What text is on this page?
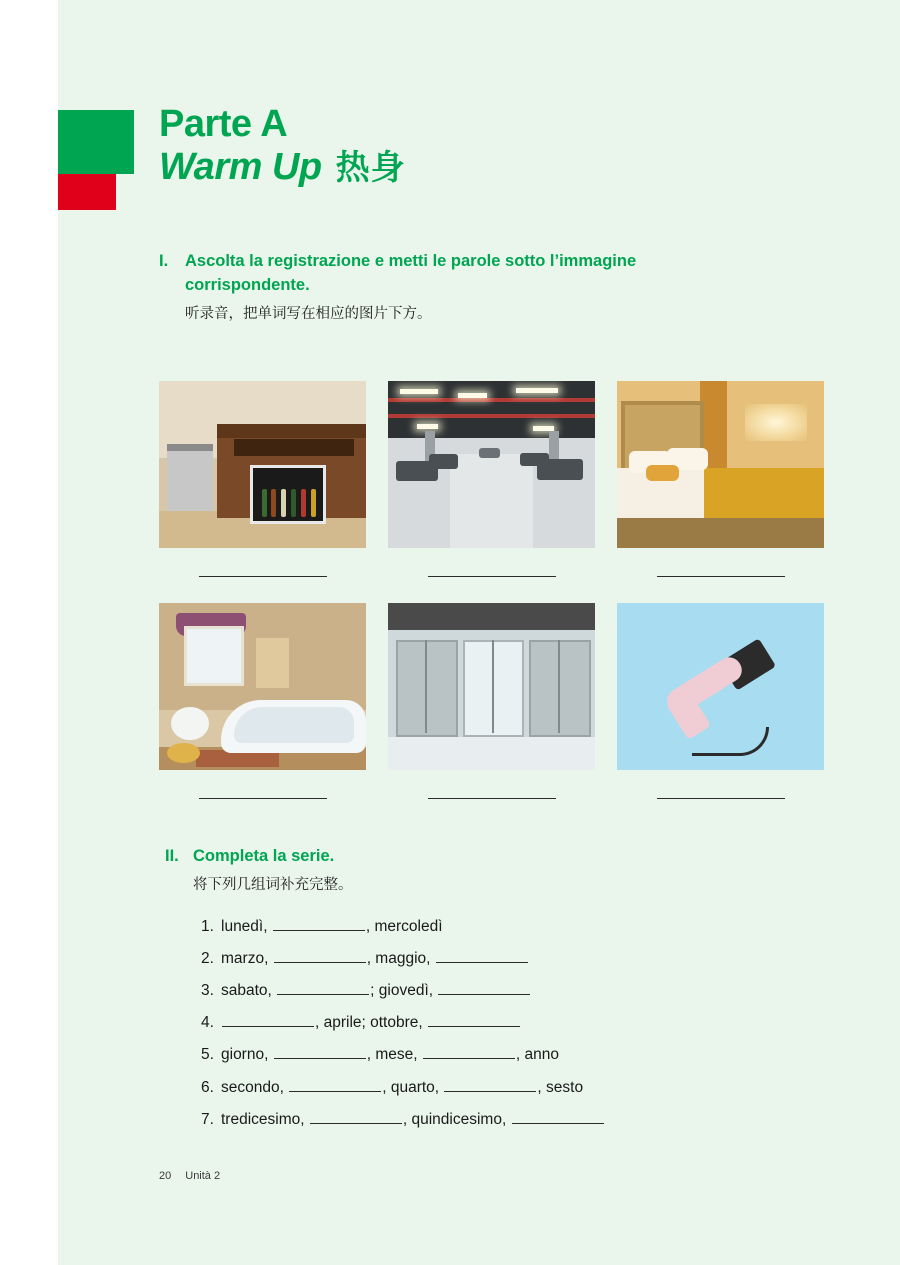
Parte A
Warm Up 热身
I.	Ascolta la registrazione e metti le parole sotto l’immagine corrispondente.
听录音，把单词写在相应的图片下方。
II. Completa la serie.
将下列几组词补充完整。
1. lunedì,	, mercoledì
2. marzo,	, maggio,
3. sabato,	; giovedì,
4.	, aprile; ottobre,
5. giorno,	, mese,	, anno
6. secondo,	, quarto,	, sesto
7. tredicesimo,	, quindicesimo,
20 Unità 2
